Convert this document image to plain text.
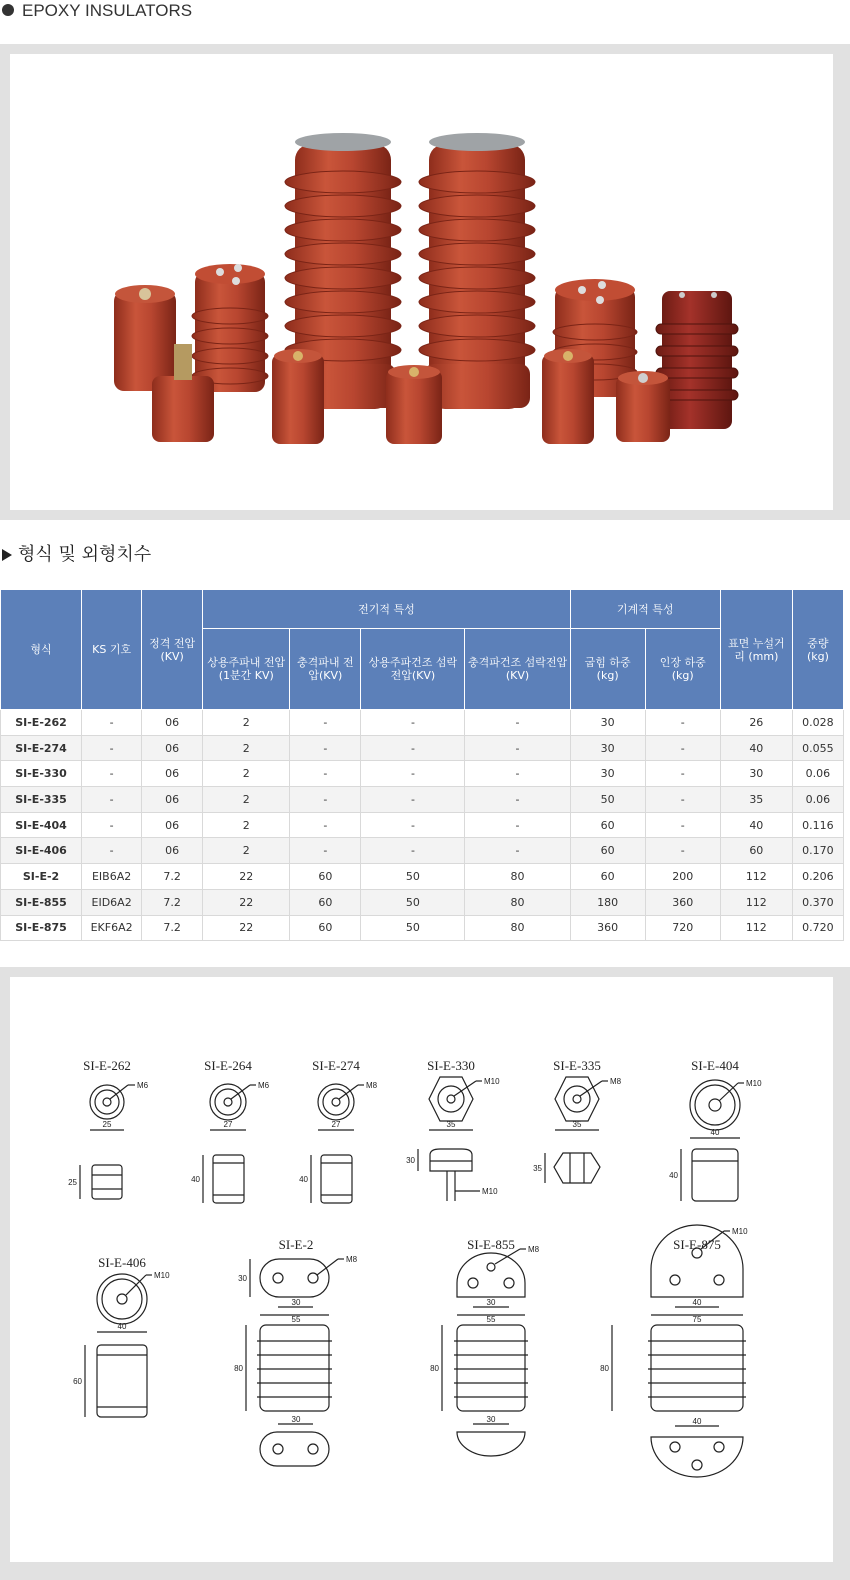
EPOXY INSULATORS
형식 및 외형치수
형식	KS 기호	정격 전압 (KV)	전기적 특성				기계적 특성		표면 누설거리 (mm)	중량 (kg)
			상용주파내 전압 (1분간 KV)	충격파내 전압(KV)	상용주파건조 섬락전압(KV)	충격파건조 섬락전압(KV)	굽힘 하중 (kg)	인장 하중 (kg)		
SI-E-262	-	06	2	-	-	-	30	-	26	0.028
SI-E-274	-	06	2	-	-	-	30	-	40	0.055
SI-E-330	-	06	2	-	-	-	30	-	30	0.06
SI-E-335	-	06	2	-	-	-	50	-	35	0.06
SI-E-404	-	06	2	-	-	-	60	-	40	0.116
SI-E-406	-	06	2	-	-	-	60	-	60	0.170
SI-E-2	EIB6A2	7.2	22	60	50	80	60	200	112	0.206
SI-E-855	EID6A2	7.2	22	60	50	80	180	360	112	0.370
SI-E-875	EKF6A2	7.2	22	60	50	80	360	720	112	0.720
SI-E-262
M6
25
25
SI-E-264
M6
27
40
SI-E-274
M8
27
40
SI-E-330
M10
35
30
M10
SI-E-335
M8
35
35
SI-E-404
M10
40
40
SI-E-406
M10
40
60
SI-E-2
M8
30
30
55
80
30
SI-E-855 M8
30
55
80
30
SI-E-875
M10
40
75
80
40
